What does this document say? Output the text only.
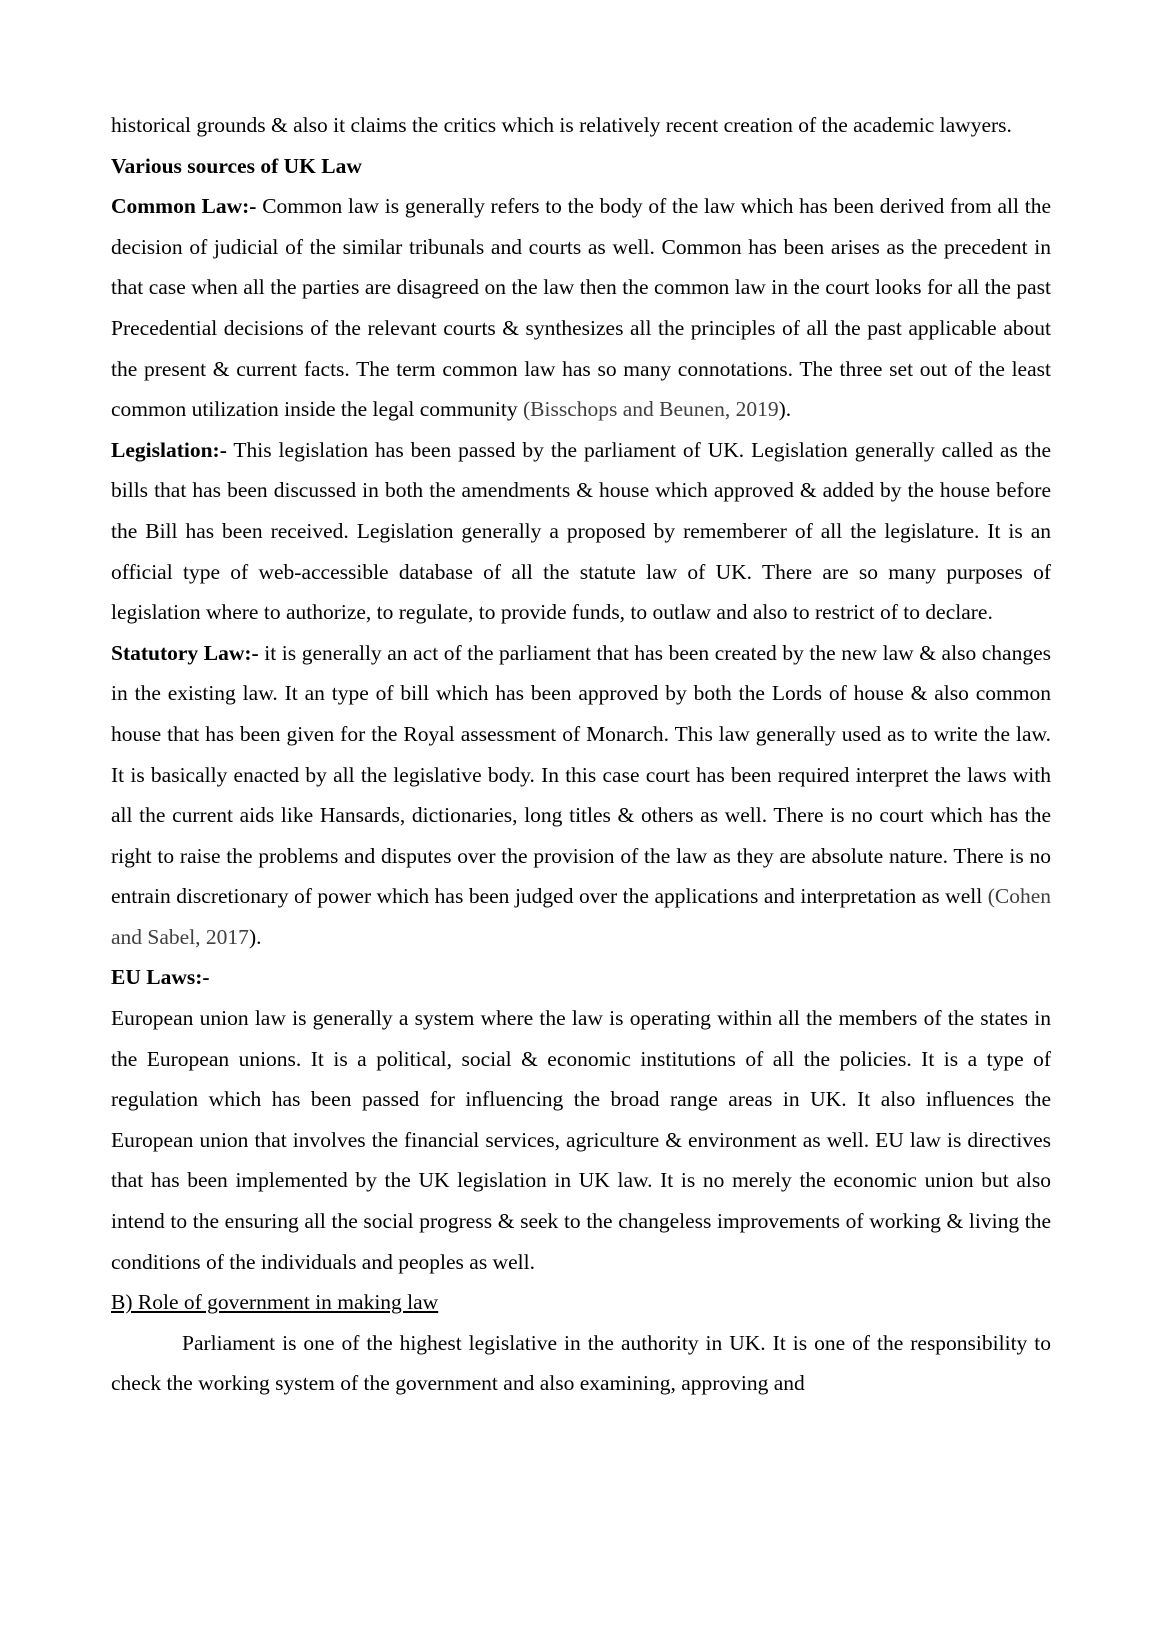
historical grounds & also it claims the critics which is relatively recent creation of the academic lawyers.

Various sources of UK Law

Common Law:- Common law is generally refers to the body of the law which has been derived from all the decision of judicial of the similar tribunals and courts as well. Common has been arises as the precedent in that case when all the parties are disagreed on the law then the common law in the court looks for all the past Precedential decisions of the relevant courts & synthesizes all the principles of all the past applicable about the present & current facts. The term common law has so many connotations. The three set out of the least common utilization inside the legal community (Bisschops and Beunen, 2019).

Legislation:- This legislation has been passed by the parliament of UK. Legislation generally called as the bills that has been discussed in both the amendments & house which approved & added by the house before the Bill has been received. Legislation generally a proposed by rememberer of all the legislature. It is an official type of web-accessible database of all the statute law of UK. There are so many purposes of legislation where to authorize, to regulate, to provide funds, to outlaw and also to restrict of to declare.

Statutory Law:- it is generally an act of the parliament that has been created by the new law & also changes in the existing law. It an type of bill which has been approved by both the Lords of house & also common house that has been given for the Royal assessment of Monarch. This law generally used as to write the law. It is basically enacted by all the legislative body. In this case court has been required interpret the laws with all the current aids like Hansards, dictionaries, long titles & others as well. There is no court which has the right to raise the problems and disputes over the provision of the law as they are absolute nature. There is no entrain discretionary of power which has been judged over the applications and interpretation as well (Cohen and Sabel, 2017).

EU Laws:-

European union law is generally a system where the law is operating within all the members of the states in the European unions. It is a political, social & economic institutions of all the policies. It is a type of regulation which has been passed for influencing the broad range areas in UK. It also influences the European union that involves the financial services, agriculture & environment as well. EU law is directives that has been implemented by the UK legislation in UK law. It is no merely the economic union but also intend to the ensuring all the social progress & seek to the changeless improvements of working & living the conditions of the individuals and peoples as well.

B) Role of government in making law

Parliament is one of the highest legislative in the authority in UK. It is one of the responsibility to check the working system of the government and also examining, approving and
